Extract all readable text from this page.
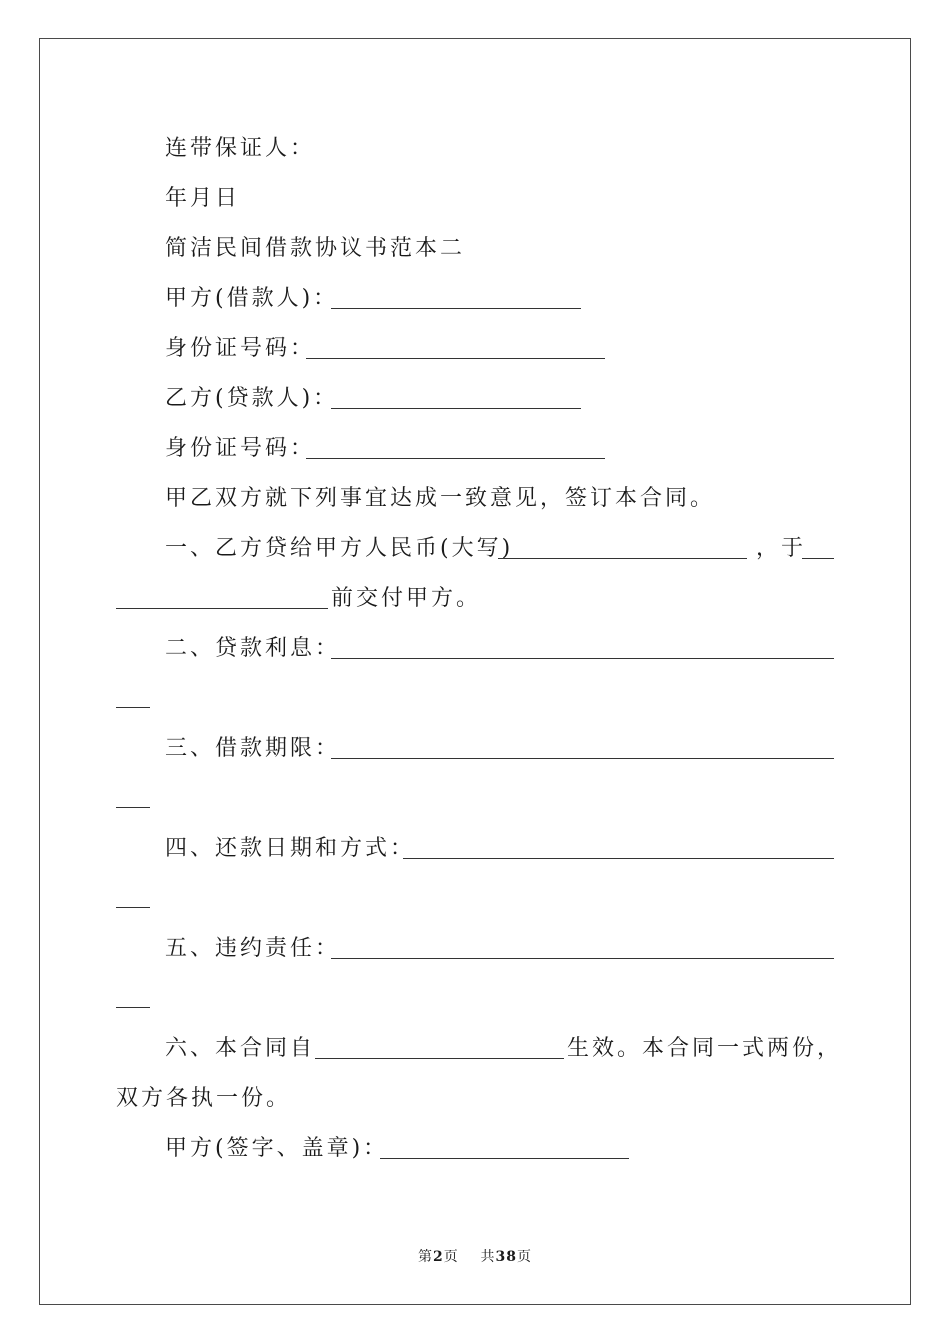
连带保证人：
年月日
简洁民间借款协议书范本二
甲方(借款人)：
身份证号码：
乙方(贷款人)：
身份证号码：
甲乙双方就下列事宜达成一致意见，签订本合同。
一、乙方贷给甲方人民币(大写)	，于
前交付甲方。
二、贷款利息：
三、借款期限：
四、还款日期和方式：
五、违约责任：
六、本合同自	生效。本合同一式两份，
双方各执一份。
甲方(签字、盖章)：
第2页 共38页
